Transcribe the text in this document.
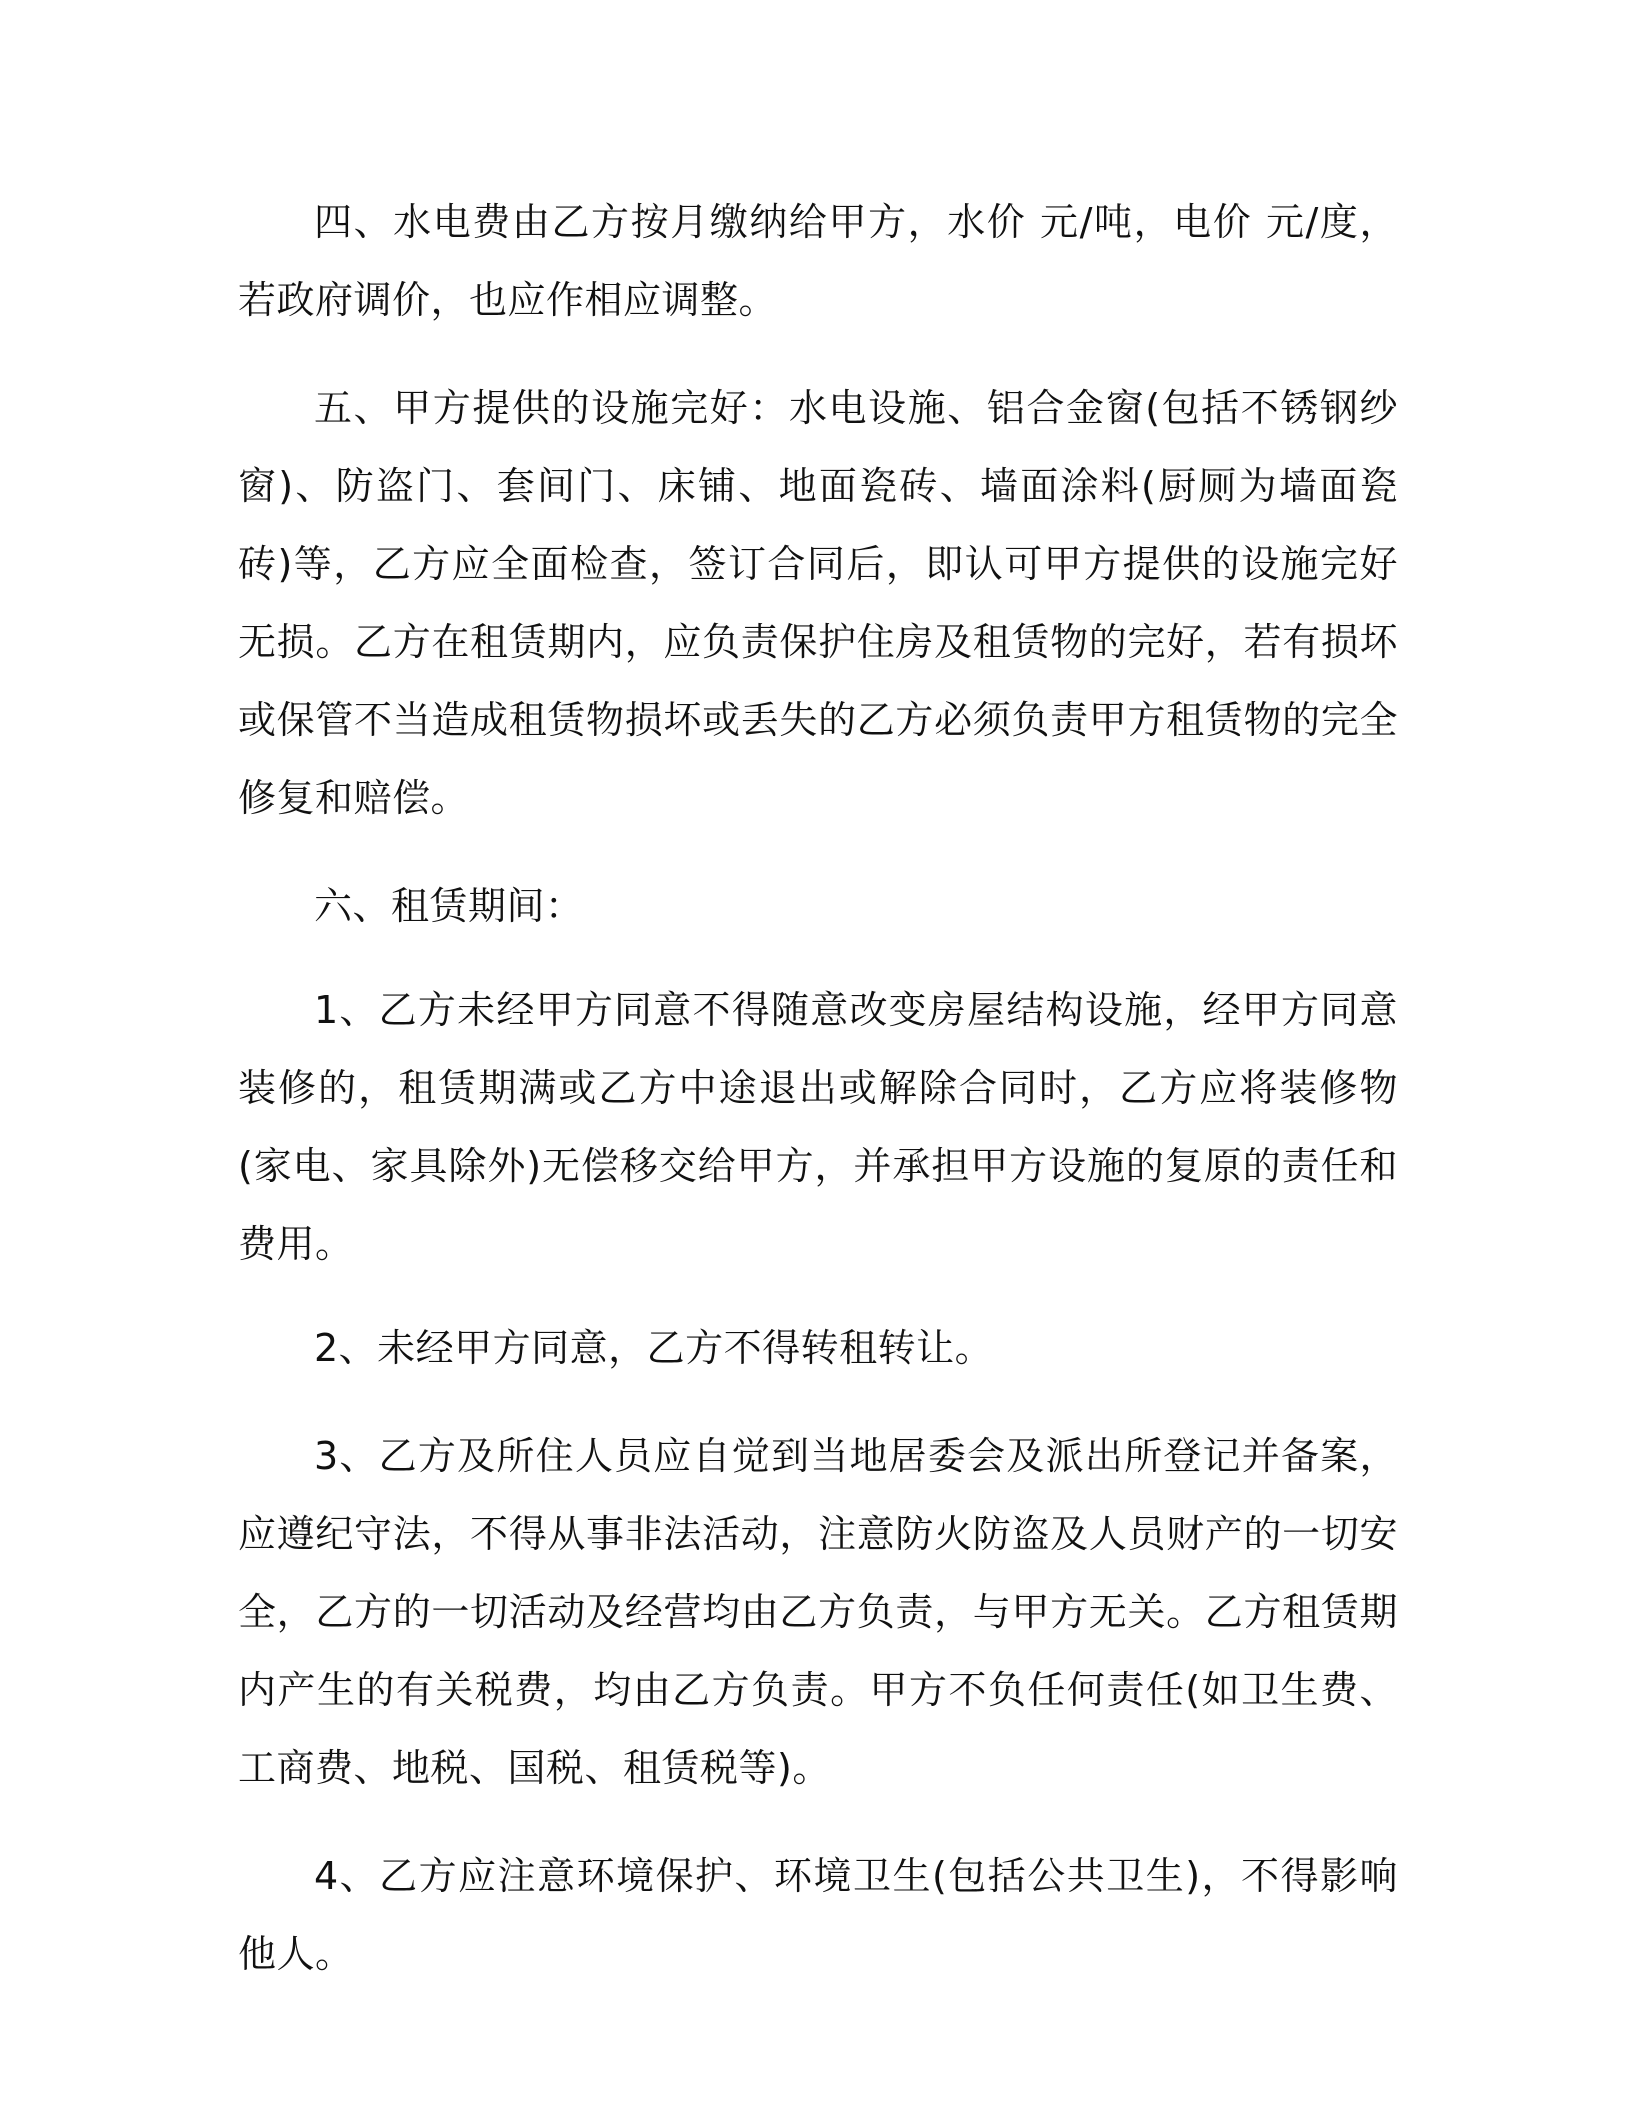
四、水电费由乙方按月缴纳给甲方，水价 元/吨，电价 元/度，若政府调价，也应作相应调整。

五、甲方提供的设施完好：水电设施、铝合金窗(包括不锈钢纱窗)、防盗门、套间门、床铺、地面瓷砖、墙面涂料(厨厕为墙面瓷砖)等，乙方应全面检查，签订合同后，即认可甲方提供的设施完好无损。乙方在租赁期内，应负责保护住房及租赁物的完好，若有损坏或保管不当造成租赁物损坏或丢失的乙方必须负责甲方租赁物的完全修复和赔偿。

六、租赁期间：

1、乙方未经甲方同意不得随意改变房屋结构设施，经甲方同意装修的，租赁期满或乙方中途退出或解除合同时，乙方应将装修物(家电、家具除外)无偿移交给甲方，并承担甲方设施的复原的责任和费用。

2、未经甲方同意，乙方不得转租转让。

3、乙方及所住人员应自觉到当地居委会及派出所登记并备案，应遵纪守法，不得从事非法活动，注意防火防盗及人员财产的一切安全，乙方的一切活动及经营均由乙方负责，与甲方无关。乙方租赁期内产生的有关税费，均由乙方负责。甲方不负任何责任(如卫生费、工商费、地税、国税、租赁税等)。

4、乙方应注意环境保护、环境卫生(包括公共卫生)，不得影响他人。
